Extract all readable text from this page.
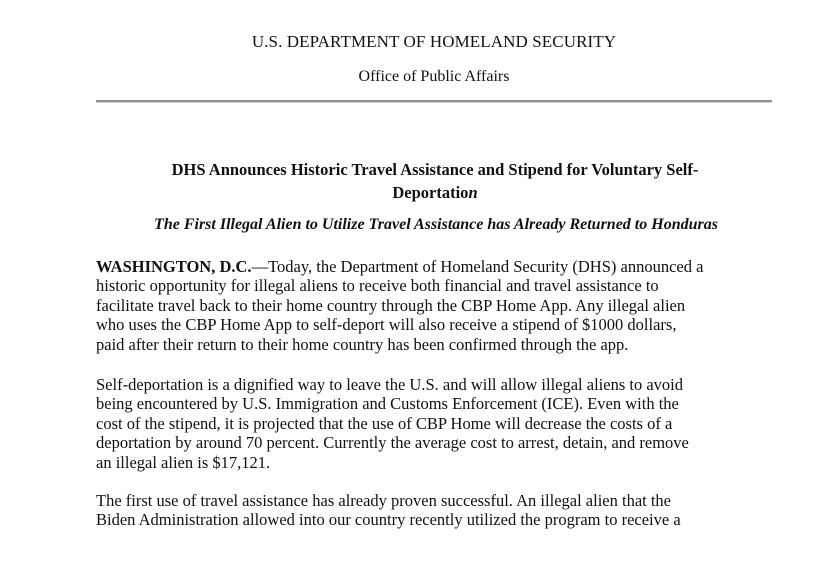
U.S. DEPARTMENT OF HOMELAND SECURITY
Office of Public Affairs
DHS Announces Historic Travel Assistance and Stipend for Voluntary Self-
Deportation
The First Illegal Alien to Utilize Travel Assistance has Already Returned to Honduras
WASHINGTON, D.C.—Today, the Department of Homeland Security (DHS) announced a
historic opportunity for illegal aliens to receive both financial and travel assistance to
facilitate travel back to their home country through the CBP Home App. Any illegal alien
who uses the CBP Home App to self-deport will also receive a stipend of $1000 dollars,
paid after their return to their home country has been confirmed through the app.
Self-deportation is a dignified way to leave the U.S. and will allow illegal aliens to avoid
being encountered by U.S. Immigration and Customs Enforcement (ICE). Even with the
cost of the stipend, it is projected that the use of CBP Home will decrease the costs of a
deportation by around 70 percent. Currently the average cost to arrest, detain, and remove
an illegal alien is $17,121.
The first use of travel assistance has already proven successful. An illegal alien that the
Biden Administration allowed into our country recently utilized the program to receive a
